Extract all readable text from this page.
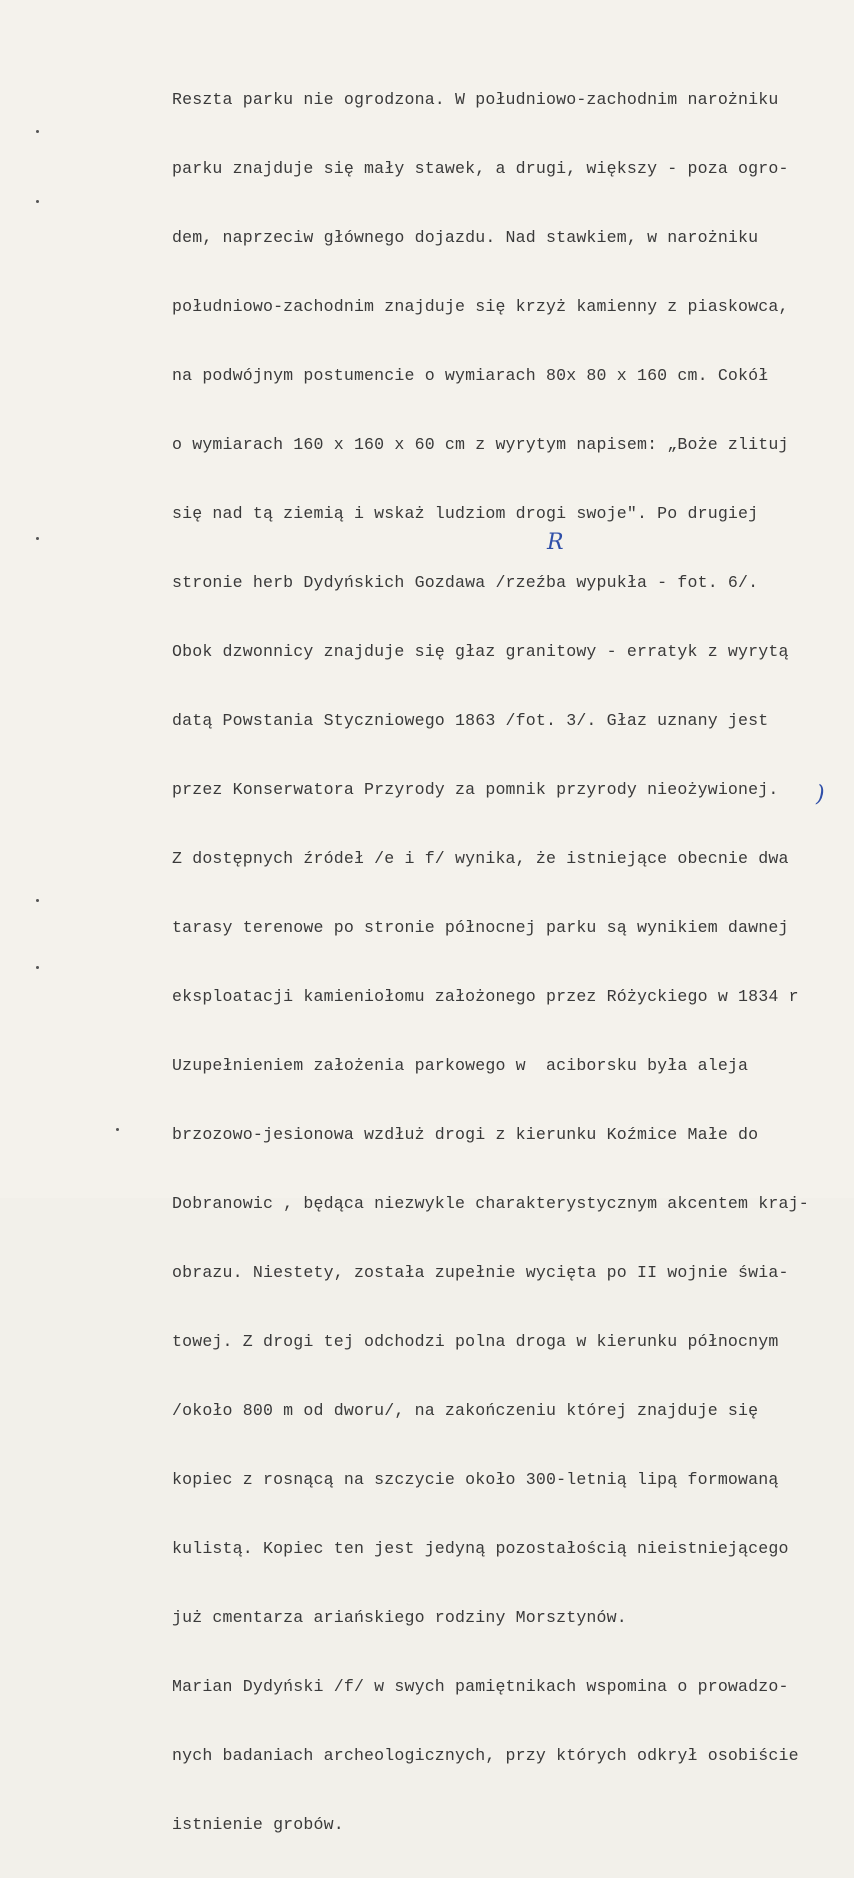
Reszta parku nie ogrodzona. W południowo-zachodnim narożniku

parku znajduje się mały stawek, a drugi, większy - poza ogro-

dem, naprzeciw głównego dojazdu. Nad stawkiem, w narożniku

południowo-zachodnim znajduje się krzyż kamienny z piaskowca,

na podwójnym postumencie o wymiarach 80x 80 x 160 cm. Cokół

o wymiarach 160 x 160 x 60 cm z wyrytym napisem: „Boże zlituj

się nad tą ziemią i wskaż ludziom drogi swoje". Po drugiej

stronie herb Dydyńskich Gozdawa /rzeźba wypukła - fot. 6/.

Obok dzwonnicy znajduje się głaz granitowy - erratyk z wyrytą

datą Powstania Styczniowego 1863 /fot. 3/. Głaz uznany jest

przez Konserwatora Przyrody za pomnik przyrody nieożywionej.

Z dostępnych źródeł /e i f/ wynika, że istniejące obecnie dwa

tarasy terenowe po stronie północnej parku są wynikiem dawnej

eksploatacji kamieniołomu założonego przez Różyckiego w 1834 r

Uzupełnieniem założenia parkowego w  aciborsku była aleja

brzozowo-jesionowa wzdłuż drogi z kierunku Koźmice Małe do

Dobranowic , będąca niezwykle charakterystycznym akcentem kraj-

obrazu. Niestety, została zupełnie wycięta po II wojnie świa-

towej. Z drogi tej odchodzi polna droga w kierunku północnym

/około 800 m od dworu/, na zakończeniu której znajduje się

kopiec z rosnącą na szczycie około 300-letnią lipą formowaną

kulistą. Kopiec ten jest jedyną pozostałością nieistniejącego

już cmentarza ariańskiego rodziny Morsztynów.

Marian Dydyński /f/ w swych pamiętnikach wspomina o prowadzo-

nych badaniach archeologicznych, przy których odkrył osobiście

istnienie grobów.

R
)
